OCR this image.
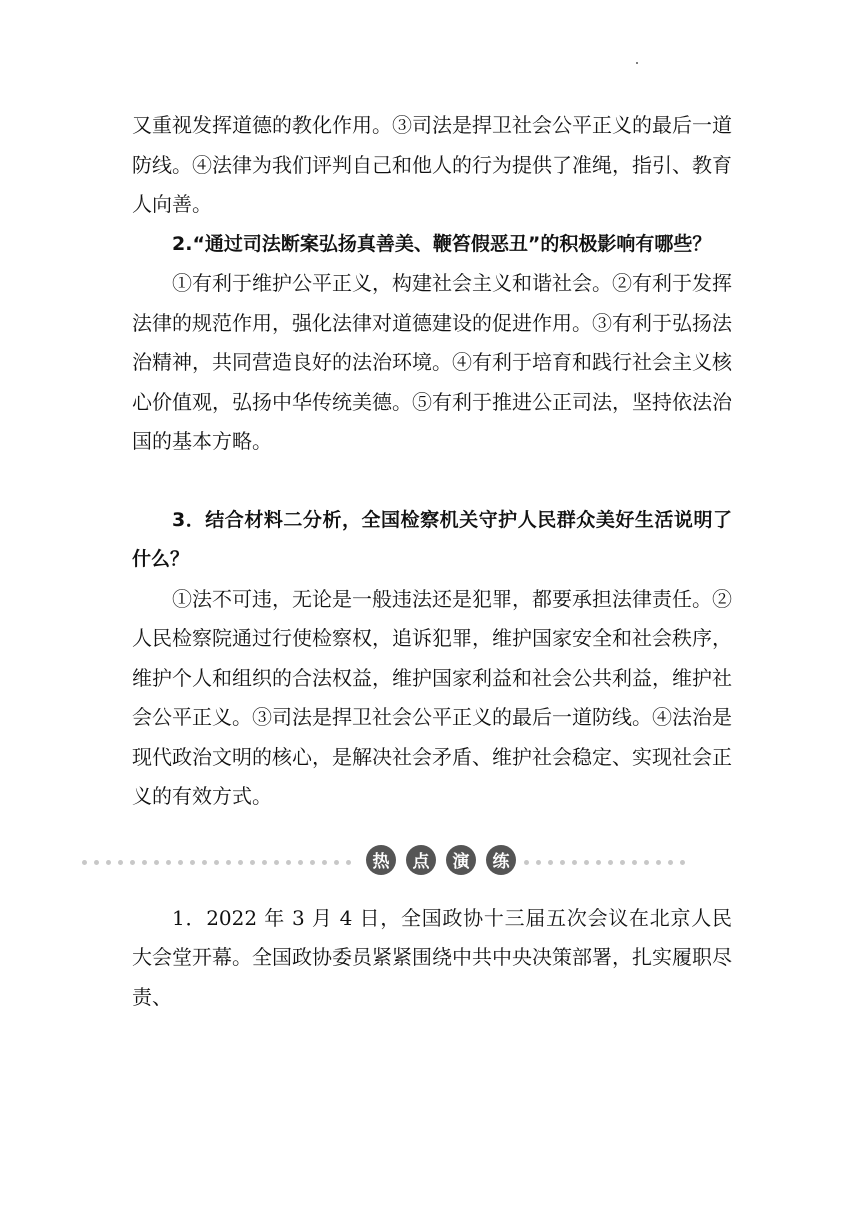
又重视发挥道德的教化作用。③司法是捍卫社会公平正义的最后一道防线。④法律为我们评判自己和他人的行为提供了准绳，指引、教育人向善。

2.“通过司法断案弘扬真善美、鞭笞假恶丑”的积极影响有哪些？

①有利于维护公平正义，构建社会主义和谐社会。②有利于发挥法律的规范作用，强化法律对道德建设的促进作用。③有利于弘扬法治精神，共同营造良好的法治环境。④有利于培育和践行社会主义核心价值观，弘扬中华传统美德。⑤有利于推进公正司法，坚持依法治国的基本方略。

3．结合材料二分析，全国检察机关守护人民群众美好生活说明了什么？

①法不可违，无论是一般违法还是犯罪，都要承担法律责任。②人民检察院通过行使检察权，追诉犯罪，维护国家安全和社会秩序，维护个人和组织的合法权益，维护国家利益和社会公共利益，维护社会公平正义。③司法是捍卫社会公平正义的最后一道防线。④法治是现代政治文明的核心，是解决社会矛盾、维护社会稳定、实现社会正义的有效方式。

热	点	演	练

1．2022 年 3 月 4 日，全国政协十三届五次会议在北京人民大会堂开幕。全国政协委员紧紧围绕中共中央决策部署，扎实履职尽责、
